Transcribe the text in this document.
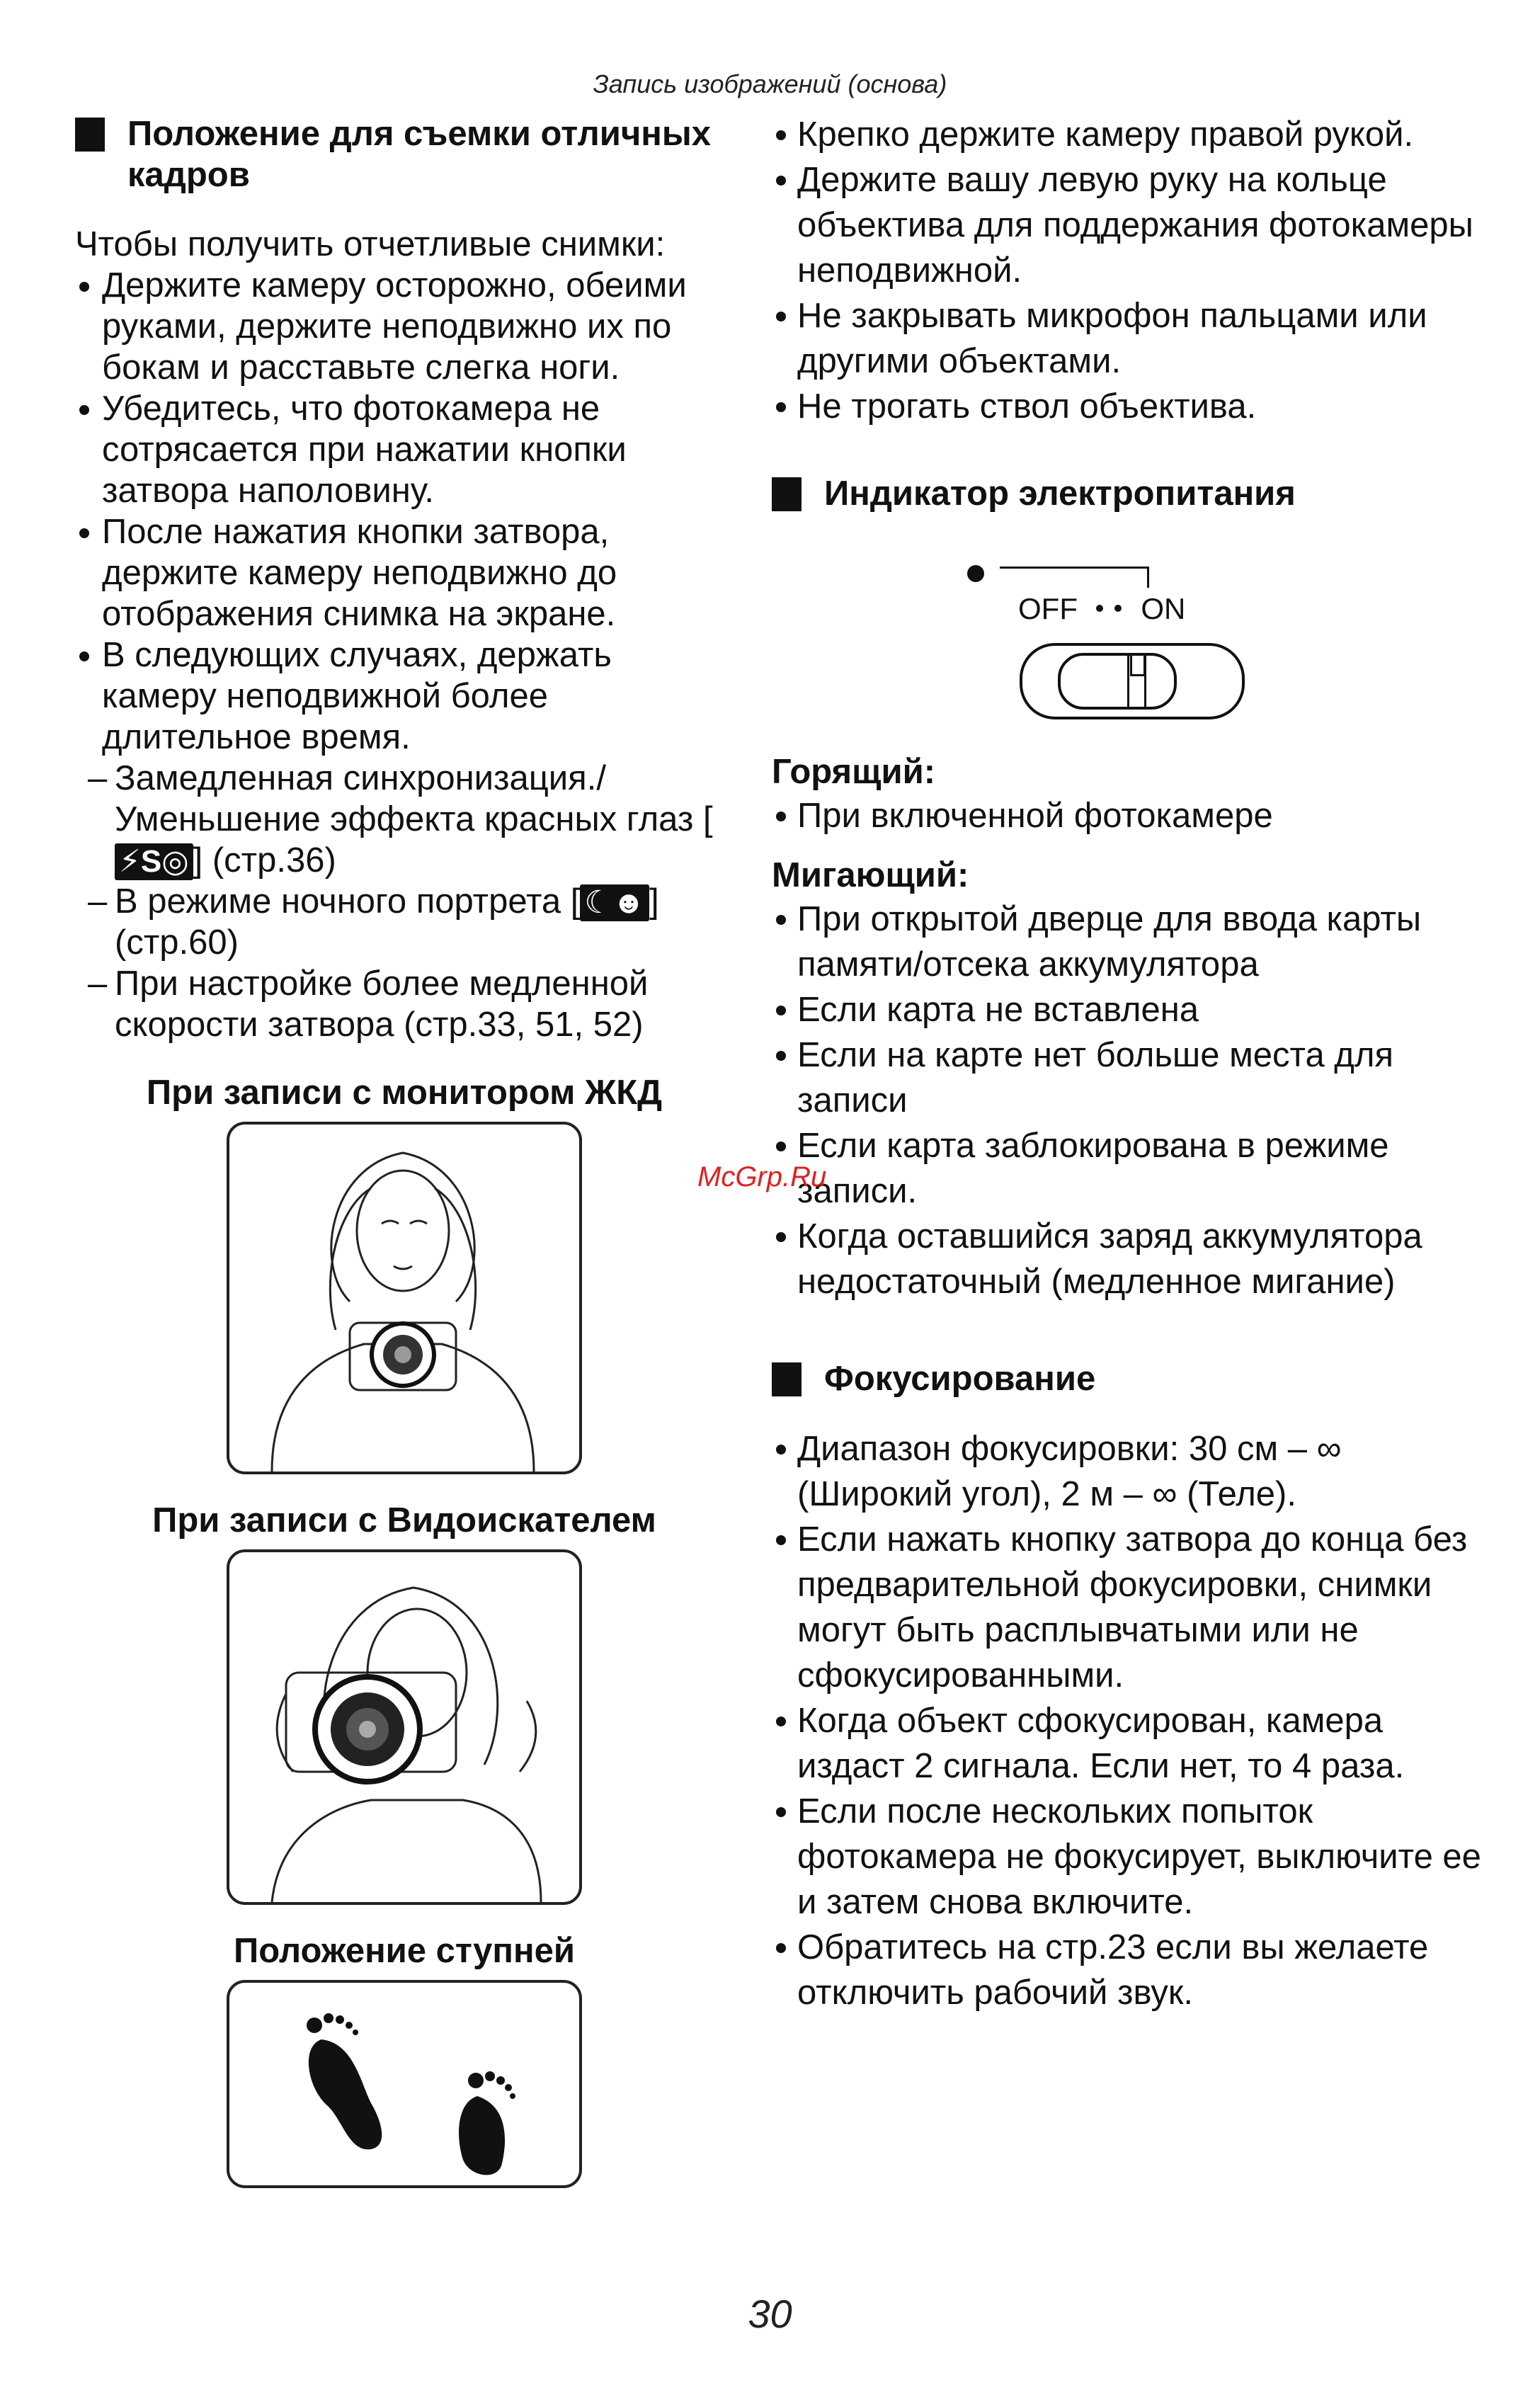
Запись изображений (основа)
Положение для съемки отличных кадров

Чтобы получить отчетливые снимки:

Держите камеру осторожно, обеими руками, держите неподвижно их по бокам и расставьте слегка ноги.
Убедитесь, что фотокамера не сотрясается при нажатии кнопки затвора наполовину.
После нажатия кнопки затвора, держите камеру неподвижно до отображения снимка на экране.
В следующих случаях, держать камеру неподвижной более длительное время.
– Замедленная синхронизация./ Уменьшение эффекта красных глаз [⚡S◎ ] (стр.36)
– В режиме ночного портрета [ ☾☻ ] (стр.60)
– При настройке более медленной скорости затвора (стр.33, 51, 52)

При записи с монитором ЖКД

При записи с Видоискателем

Положение ступней

Крепко держите камеру правой рукой.
Держите вашу левую руку на кольце объектива для поддержания фотокамеры неподвижной.
Не закрывать микрофон пальцами или другими объектами.
Не трогать ствол объектива.
Индикатор электропитания
OFF ON

Горящий:

При включенной фотокамере

Мигающий:

При открытой дверце для ввода карты памяти/отсека аккумулятора
Если карта не вставлена
Если на карте нет больше места для записи
Если карта заблокирована в режиме записи.
Когда оставшийся заряд аккумулятора недостаточный (медленное мигание)
Фокусирование
Диапазон фокусировки: 30 см – ∞ (Широкий угол), 2 м – ∞ (Теле).
Если нажать кнопку затвора до конца без предварительной фокусировки, снимки могут быть расплывчатыми или не сфокусированными.
Когда объект сфокусирован, камера издаст 2 сигнала. Если нет, то 4 раза.
Если после нескольких попыток фотокамера не фокусирует, выключите ее и затем снова включите.
Обратитесь на стр.23 если вы желаете отключить рабочий звук.
McGrp.Ru
30
